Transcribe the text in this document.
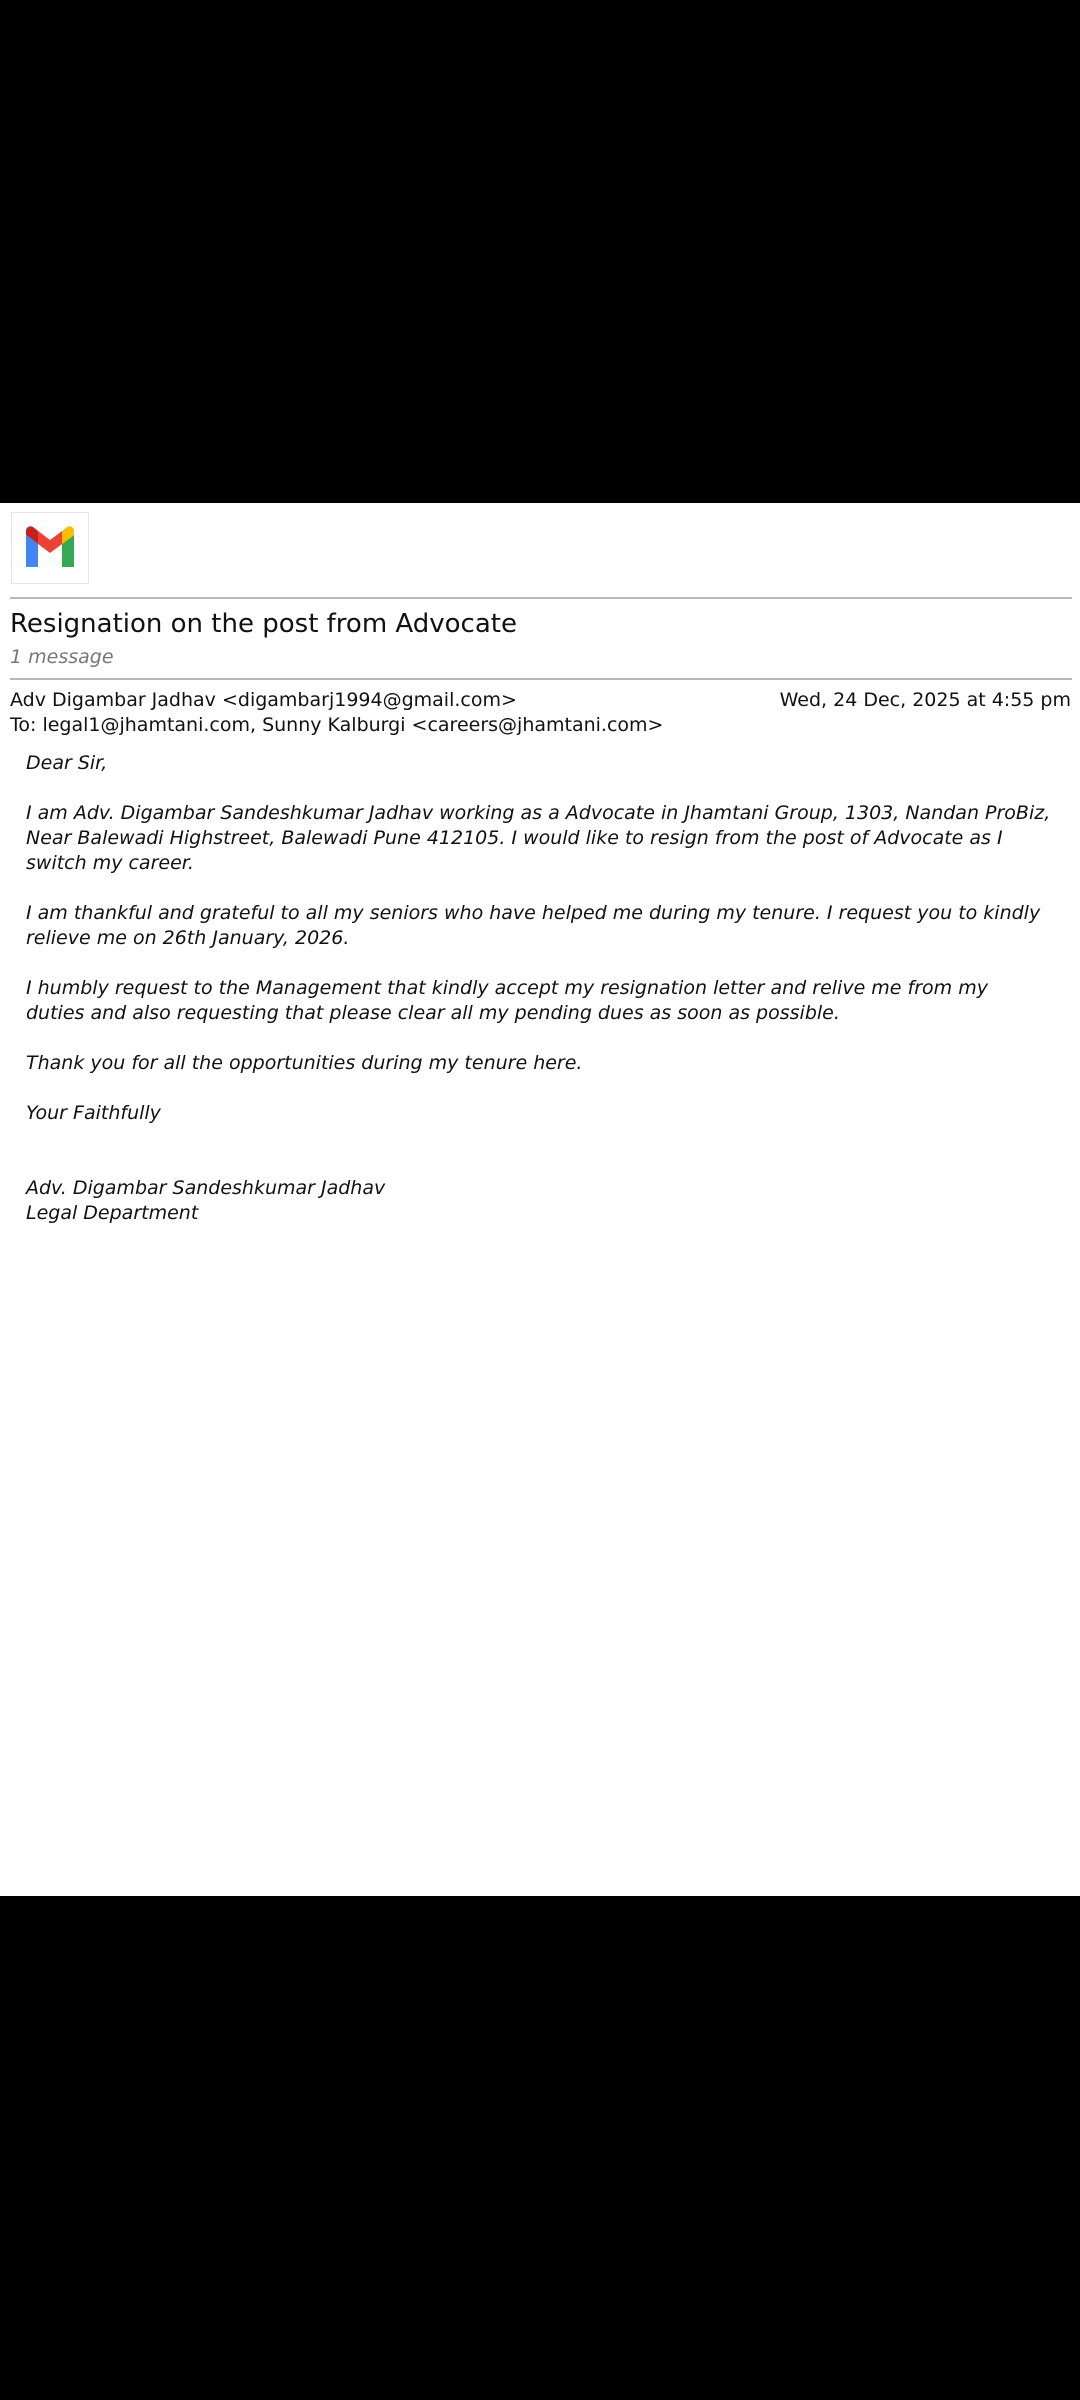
Resignation on the post from Advocate
1 message
Adv Digambar Jadhav <digambarj1994@gmail.com>	Wed, 24 Dec, 2025 at 4:55 pm
To: legal1@jhamtani.com, Sunny Kalburgi <careers@jhamtani.com>

Dear Sir,

I am Adv. Digambar Sandeshkumar Jadhav working as a Advocate in Jhamtani Group, 1303, Nandan ProBiz, Near Balewadi Highstreet, Balewadi Pune 412105. I would like to resign from the post of Advocate as I switch my career.

I am thankful and grateful to all my seniors who have helped me during my tenure. I request you to kindly relieve me on 26th January, 2026.

I humbly request to the Management that kindly accept my resignation letter and relive me from my duties and also requesting that please clear all my pending dues as soon as possible.

Thank you for all the opportunities during my tenure here.

Your Faithfully

Adv. Digambar Sandeshkumar Jadhav

Legal Department
